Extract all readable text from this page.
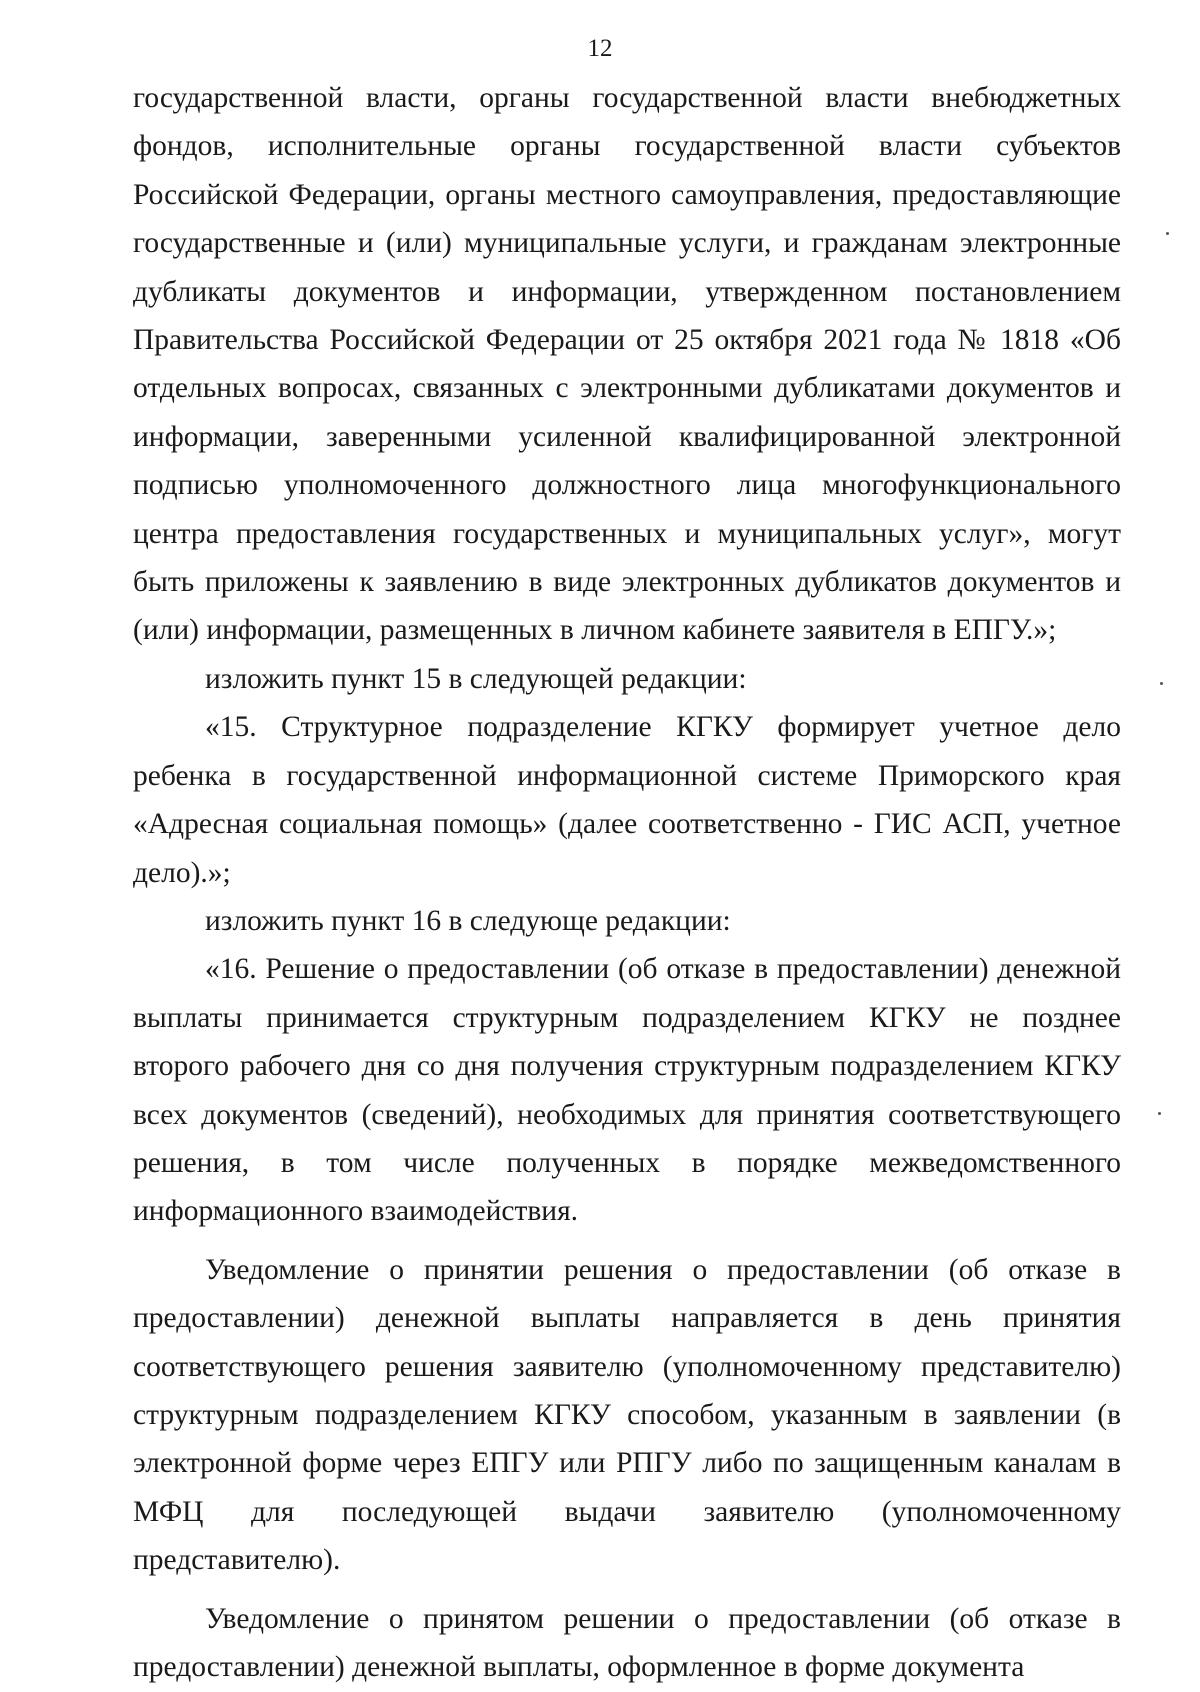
12

государственной власти, органы государственной власти внебюджетных фондов, исполнительные органы государственной власти субъектов Российской Федерации, органы местного самоуправления, предоставляющие государственные и (или) муниципальные услуги, и гражданам электронные дубликаты документов и информации, утвержденном постановлением Правительства Российской Федерации от 25 октября 2021 года № 1818 «Об отдельных вопросах, связанных с электронными дубликатами документов и информации, заверенными усиленной квалифицированной электронной подписью уполномоченного должностного лица многофункционального центра предоставления государственных и муниципальных услуг», могут быть приложены к заявлению в виде электронных дубликатов документов и (или) информации, размещенных в личном кабинете заявителя в ЕПГУ.»;

изложить пункт 15 в следующей редакции:

«15. Структурное подразделение КГКУ формирует учетное дело ребенка в государственной информационной системе Приморского края «Адресная социальная помощь» (далее соответственно - ГИС АСП, учетное дело).»;

изложить пункт 16 в следующе редакции:

«16. Решение о предоставлении (об отказе в предоставлении) денежной выплаты принимается структурным подразделением КГКУ не позднее второго рабочего дня со дня получения структурным подразделением КГКУ всех документов (сведений), необходимых для принятия соответствующего решения, в том числе полученных в порядке межведомственного информационного взаимодействия.

Уведомление о принятии решения о предоставлении (об отказе в предоставлении) денежной выплаты направляется в день принятия соответствующего решения заявителю (уполномоченному представителю) структурным подразделением КГКУ способом, указанным в заявлении (в электронной форме через ЕПГУ или РПГУ либо по защищенным каналам в МФЦ для последующей выдачи заявителю (уполномоченному представителю).

Уведомление о принятом решении о предоставлении (об отказе в предоставлении) денежной выплаты, оформленное в форме документа
